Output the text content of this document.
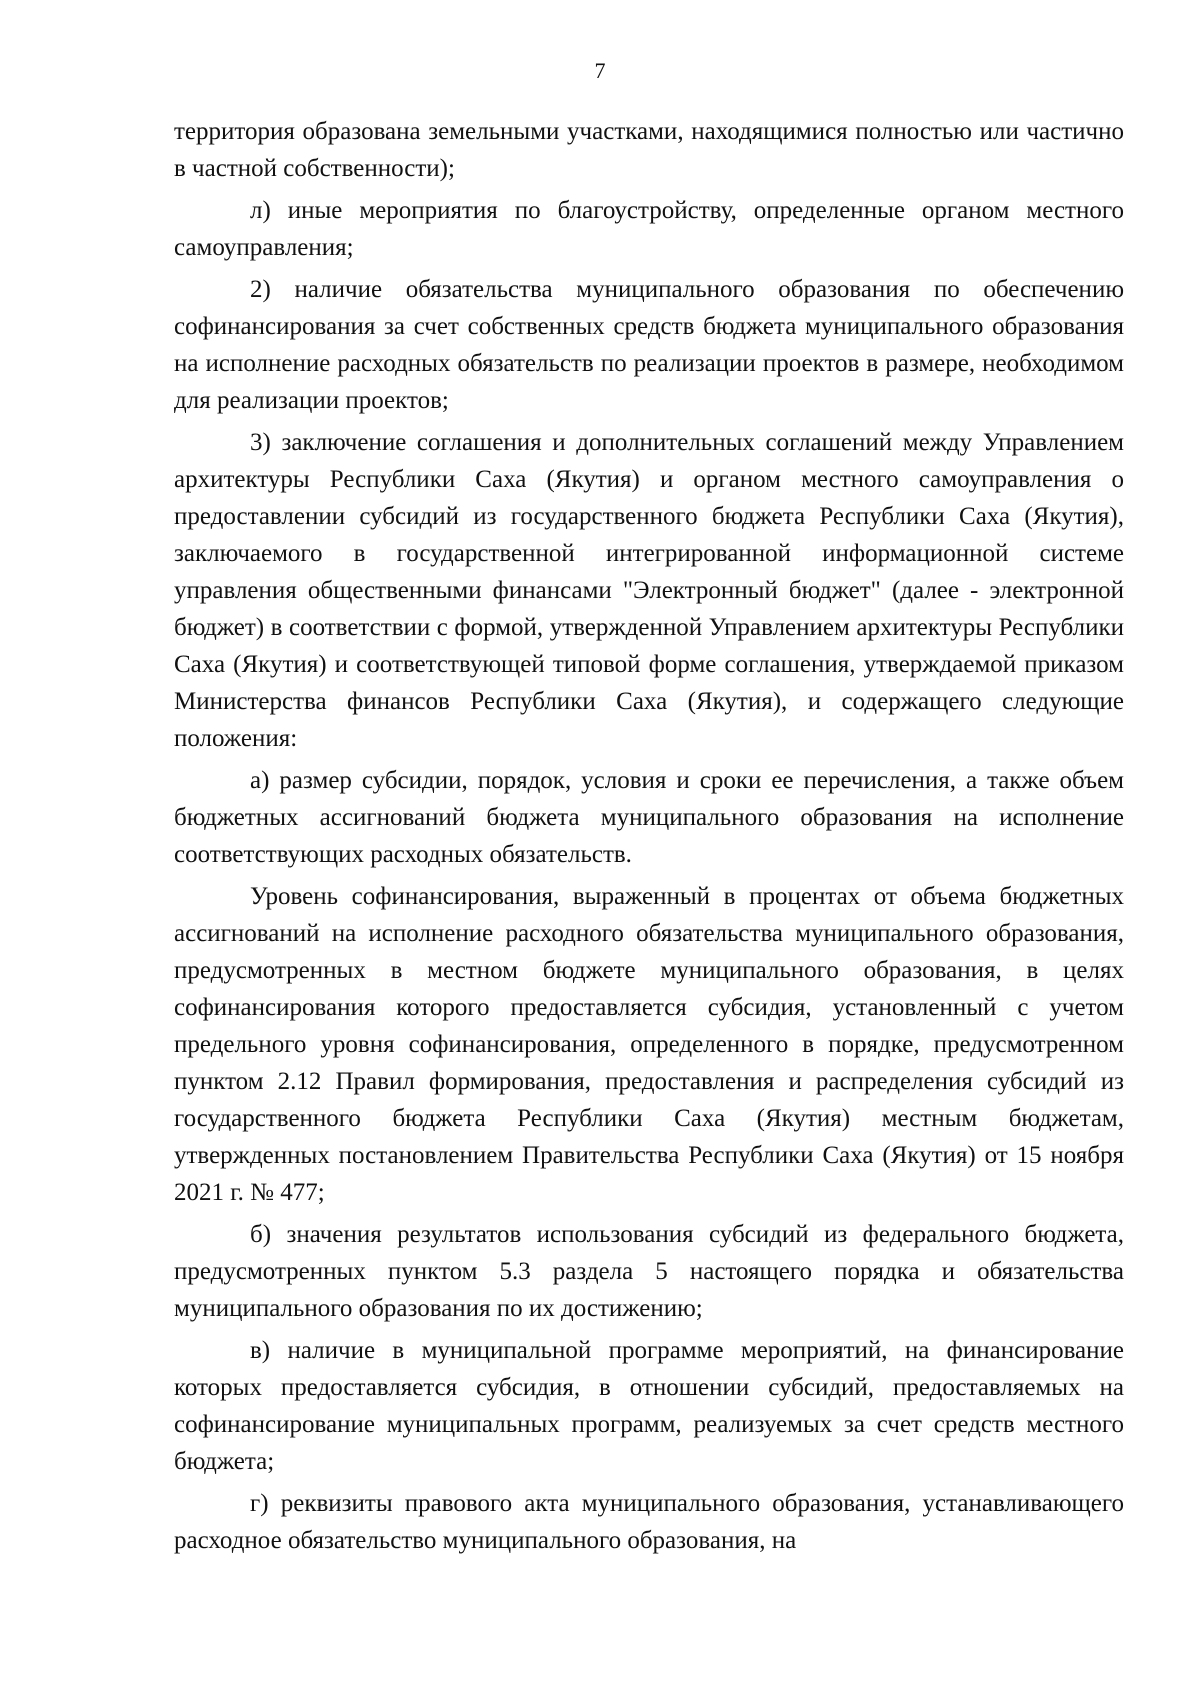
7

территория образована земельными участками, находящимися полностью или частично в частной собственности);

л) иные мероприятия по благоустройству, определенные органом местного самоуправления;

2) наличие обязательства муниципального образования по обеспечению софинансирования за счет собственных средств бюджета муниципального образования на исполнение расходных обязательств по реализации проектов в размере, необходимом для реализации проектов;

3) заключение соглашения и дополнительных соглашений между Управлением архитектуры Республики Саха (Якутия) и органом местного самоуправления о предоставлении субсидий из государственного бюджета Республики Саха (Якутия), заключаемого в государственной интегрированной информационной системе управления общественными финансами "Электронный бюджет" (далее - электронной бюджет) в соответствии с формой, утвержденной Управлением архитектуры Республики Саха (Якутия) и соответствующей типовой форме соглашения, утверждаемой приказом Министерства финансов Республики Саха (Якутия), и содержащего следующие положения:

а) размер субсидии, порядок, условия и сроки ее перечисления, а также объем бюджетных ассигнований бюджета муниципального образования на исполнение соответствующих расходных обязательств.

Уровень софинансирования, выраженный в процентах от объема бюджетных ассигнований на исполнение расходного обязательства муниципального образования, предусмотренных в местном бюджете муниципального образования, в целях софинансирования которого предоставляется субсидия, установленный с учетом предельного уровня софинансирования, определенного в порядке, предусмотренном пунктом 2.12 Правил формирования, предоставления и распределения субсидий из государственного бюджета Республики Саха (Якутия) местным бюджетам, утвержденных постановлением Правительства Республики Саха (Якутия) от 15 ноября 2021 г. № 477;

б) значения результатов использования субсидий из федерального бюджета, предусмотренных пунктом 5.3 раздела 5 настоящего порядка и обязательства муниципального образования по их достижению;

в) наличие в муниципальной программе мероприятий, на финансирование которых предоставляется субсидия, в отношении субсидий, предоставляемых на софинансирование муниципальных программ, реализуемых за счет средств местного бюджета;

г) реквизиты правового акта муниципального образования, устанавливающего расходное обязательство муниципального образования, на
